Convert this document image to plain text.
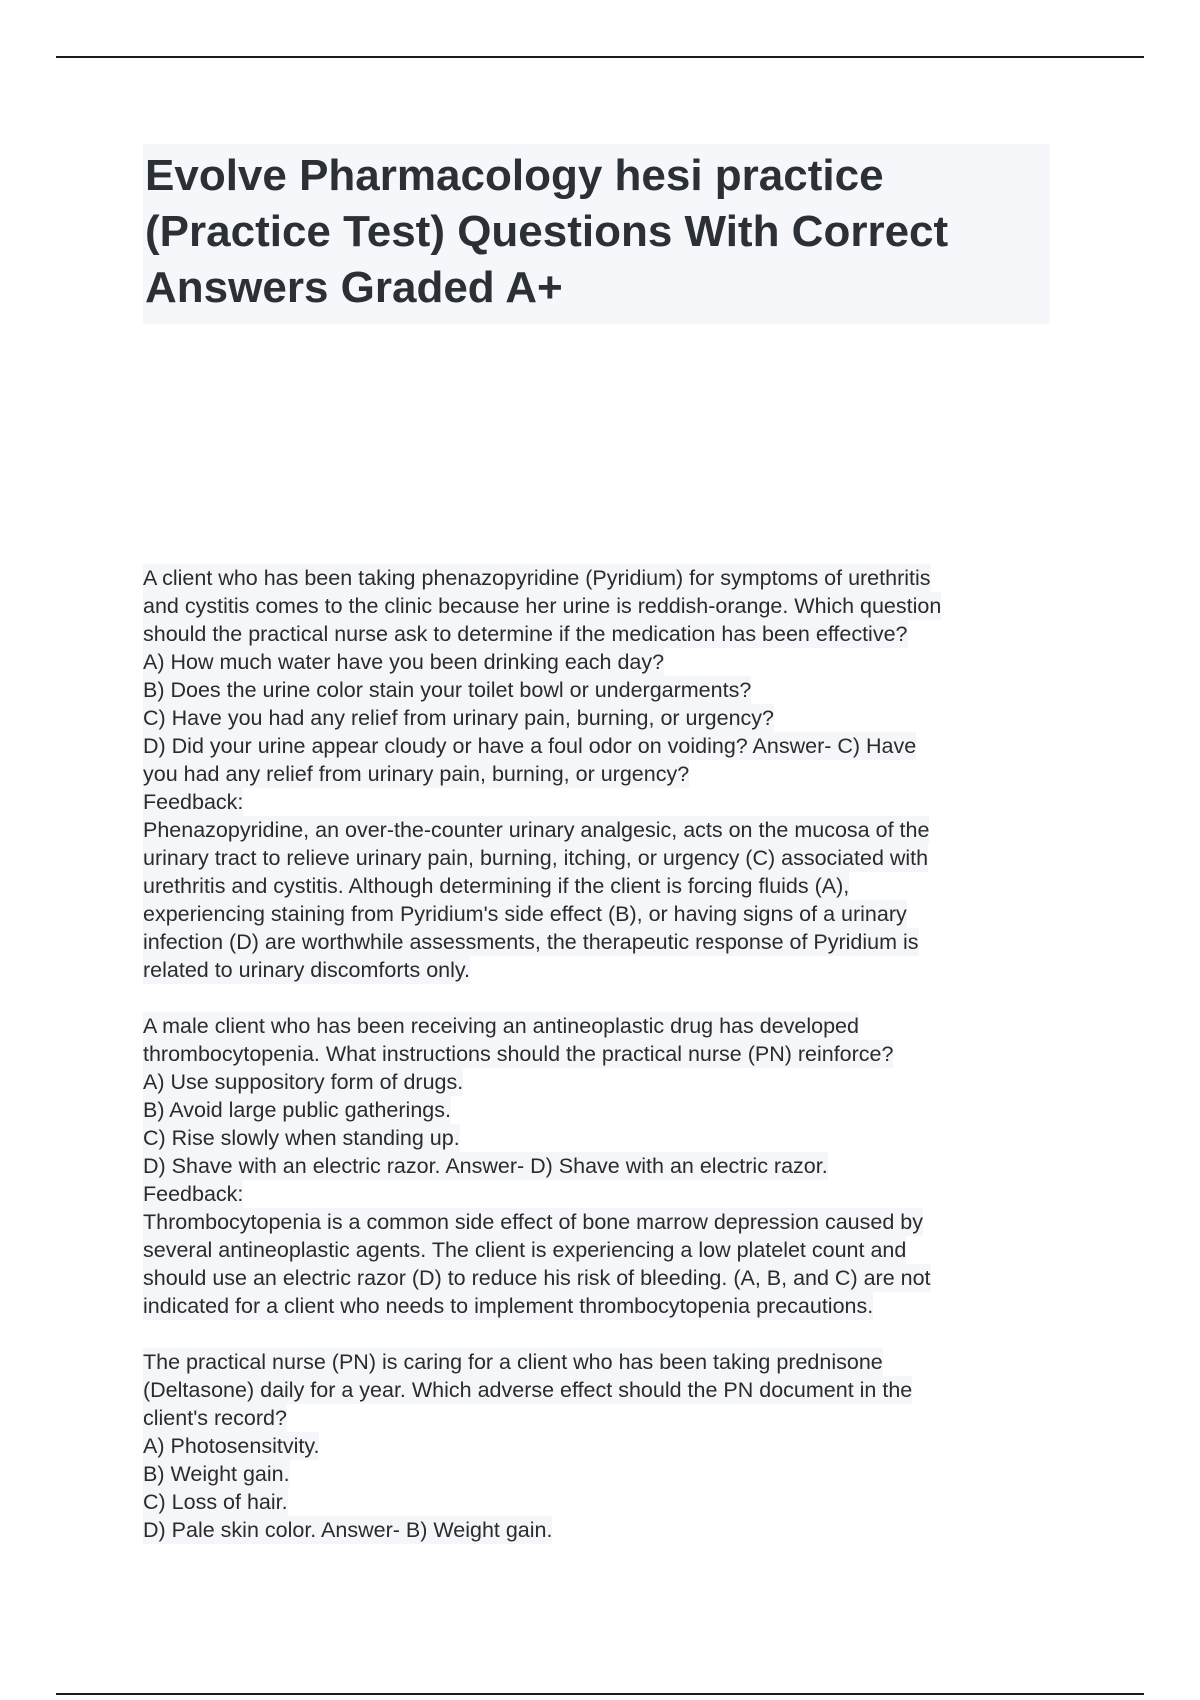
Evolve Pharmacology hesi practice
(Practice Test) Questions With Correct
Answers Graded A+
A client who has been taking phenazopyridine (Pyridium) for symptoms of urethritis
and cystitis comes to the clinic because her urine is reddish-orange. Which question
should the practical nurse ask to determine if the medication has been effective?
A) How much water have you been drinking each day?
B) Does the urine color stain your toilet bowl or undergarments?
C) Have you had any relief from urinary pain, burning, or urgency?
D) Did your urine appear cloudy or have a foul odor on voiding? Answer- C) Have
you had any relief from urinary pain, burning, or urgency?
Feedback:
Phenazopyridine, an over-the-counter urinary analgesic, acts on the mucosa of the
urinary tract to relieve urinary pain, burning, itching, or urgency (C) associated with
urethritis and cystitis. Although determining if the client is forcing fluids (A),
experiencing staining from Pyridium's side effect (B), or having signs of a urinary
infection (D) are worthwhile assessments, the therapeutic response of Pyridium is
related to urinary discomforts only.
A male client who has been receiving an antineoplastic drug has developed
thrombocytopenia. What instructions should the practical nurse (PN) reinforce?
A) Use suppository form of drugs.
B) Avoid large public gatherings.
C) Rise slowly when standing up.
D) Shave with an electric razor. Answer- D) Shave with an electric razor.
Feedback:
Thrombocytopenia is a common side effect of bone marrow depression caused by
several antineoplastic agents. The client is experiencing a low platelet count and
should use an electric razor (D) to reduce his risk of bleeding. (A, B, and C) are not
indicated for a client who needs to implement thrombocytopenia precautions.
The practical nurse (PN) is caring for a client who has been taking prednisone
(Deltasone) daily for a year. Which adverse effect should the PN document in the
client's record?
A) Photosensitvity.
B) Weight gain.
C) Loss of hair.
D) Pale skin color. Answer- B) Weight gain.
